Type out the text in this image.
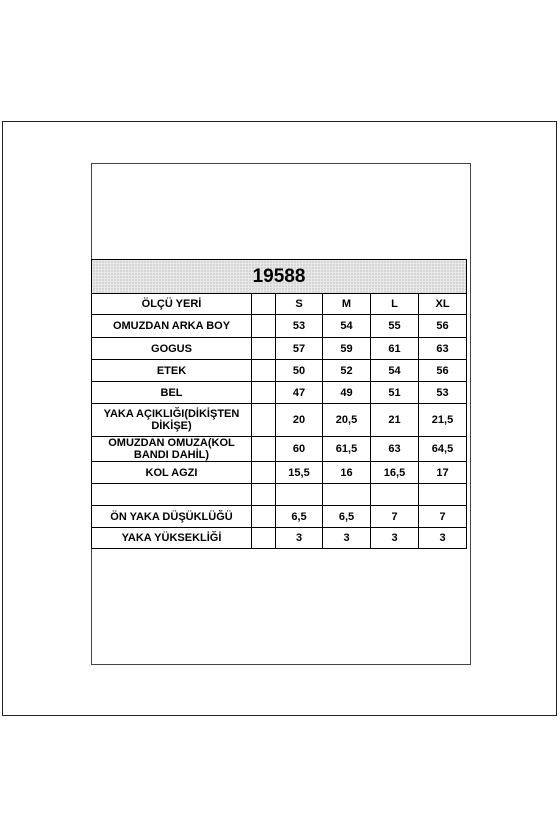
19588					
ÖLÇÜ YERİ		S	M	L	XL
OMUZDAN ARKA BOY		53	54	55	56
GOGUS		57	59	61	63
ETEK		50	52	54	56
BEL		47	49	51	53
YAKA AÇIKLIĞI(DİKİŞTEN DİKİŞE)		20	20,5	21	21,5
OMUZDAN OMUZA(KOL BANDI DAHİL)		60	61,5	63	64,5
KOL AGZI		15,5	16	16,5	17

ÖN YAKA DÜŞÜKLÜĞÜ		6,5	6,5	7	7
YAKA YÜKSEKLİĞİ		3	3	3	3
